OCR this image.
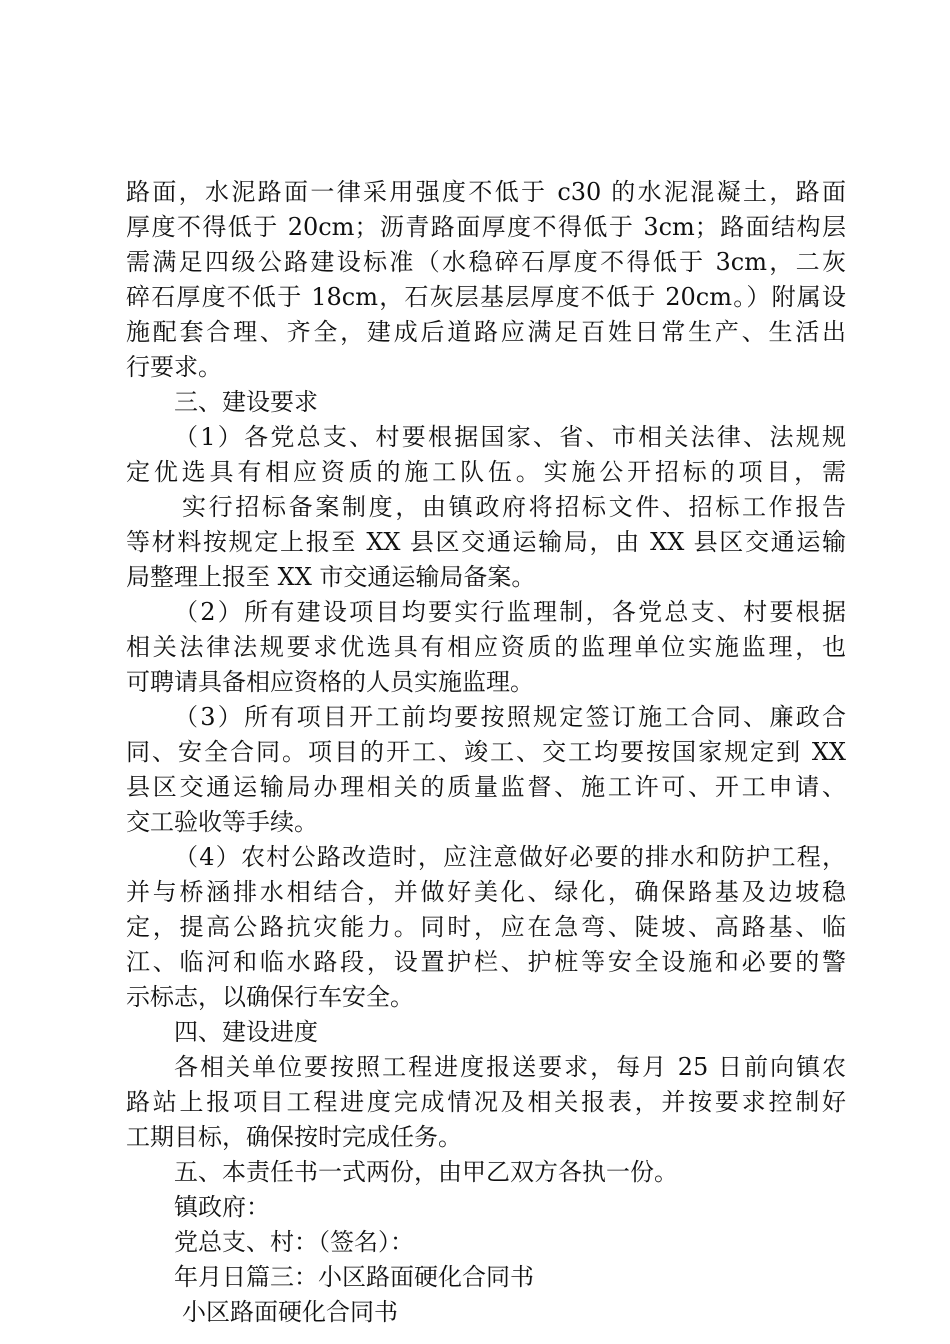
路面，水泥路面一律采用强度不低于 c30 的水泥混凝土，路面
厚度不得低于 20cm；沥青路面厚度不得低于 3cm；路面结构层
需满足四级公路建设标准（水稳碎石厚度不得低于 3cm，二灰
碎石厚度不低于 18cm，石灰层基层厚度不低于 20cm。）附属设
施配套合理、齐全，建成后道路应满足百姓日常生产、生活出
行要求。
三、建设要求
（1）各党总支、村要根据国家、省、市相关法律、法规规
定优选具有相应资质的施工队伍。实施公开招标的项目，需
实行招标备案制度，由镇政府将招标文件、招标工作报告
等材料按规定上报至 XX 县区交通运输局，由 XX 县区交通运输
局整理上报至 XX 市交通运输局备案。
（2）所有建设项目均要实行监理制，各党总支、村要根据
相关法律法规要求优选具有相应资质的监理单位实施监理，也
可聘请具备相应资格的人员实施监理。
（3）所有项目开工前均要按照规定签订施工合同、廉政合
同、安全合同。项目的开工、竣工、交工均要按国家规定到 XX
县区交通运输局办理相关的质量监督、施工许可、开工申请、
交工验收等手续。
（4）农村公路改造时，应注意做好必要的排水和防护工程，
并与桥涵排水相结合，并做好美化、绿化，确保路基及边坡稳
定，提高公路抗灾能力。同时，应在急弯、陡坡、高路基、临
江、临河和临水路段，设置护栏、护桩等安全设施和必要的警
示标志，以确保行车安全。
四、建设进度
各相关单位要按照工程进度报送要求，每月 25 日前向镇农
路站上报项目工程进度完成情况及相关报表，并按要求控制好
工期目标，确保按时完成任务。
五、本责任书一式两份，由甲乙双方各执一份。
镇政府：
党总支、村：（签名）：
年月日篇三：小区路面硬化合同书
小区路面硬化合同书
